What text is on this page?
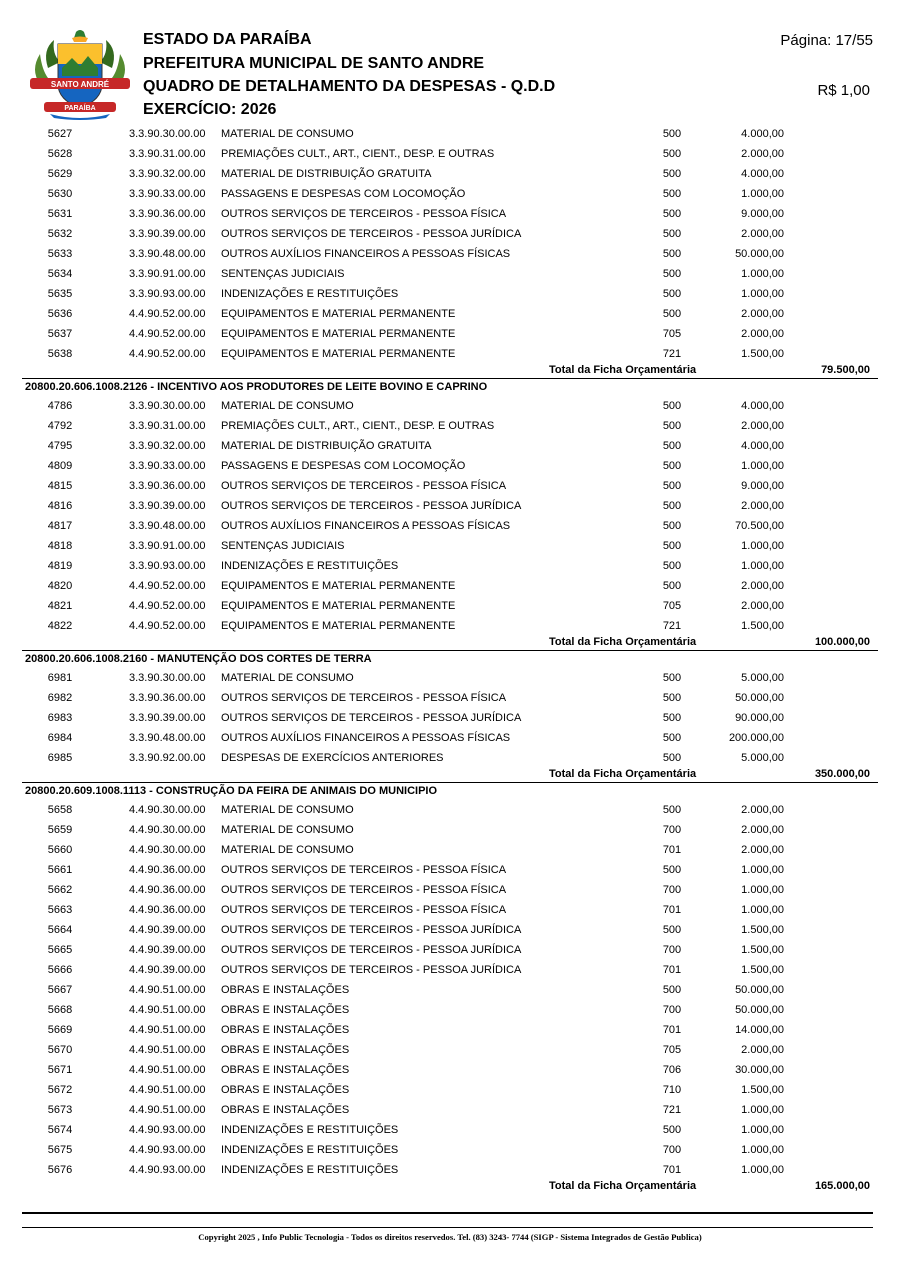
SANTO ANDRÉ
PARAÍBA
ESTADO DA PARAÍBA
PREFEITURA MUNICIPAL DE SANTO ANDRE
QUADRO DE DETALHAMENTO DA DESPESAS - Q.D.D
EXERCÍCIO: 2026
Página: 17/55
R$ 1,00
5627	3.3.90.30.00.00 MATERIAL DE CONSUMO	500	4.000,00
5628	3.3.90.31.00.00 PREMIAÇÕES CULT., ART., CIENT., DESP. E OUTRAS	500	2.000,00
5629	3.3.90.32.00.00 MATERIAL DE DISTRIBUIÇÃO GRATUITA	500	4.000,00
5630	3.3.90.33.00.00 PASSAGENS E DESPESAS COM LOCOMOÇÃO	500	1.000,00
5631	3.3.90.36.00.00 OUTROS SERVIÇOS DE TERCEIROS - PESSOA FÍSICA	500	9.000,00
5632	3.3.90.39.00.00 OUTROS SERVIÇOS DE TERCEIROS - PESSOA JURÍDICA	500	2.000,00
5633	3.3.90.48.00.00 OUTROS AUXÍLIOS FINANCEIROS A PESSOAS FÍSICAS	500	50.000,00
5634	3.3.90.91.00.00 SENTENÇAS JUDICIAIS	500	1.000,00
5635	3.3.90.93.00.00 INDENIZAÇÕES E RESTITUIÇÕES	500	1.000,00
5636	4.4.90.52.00.00 EQUIPAMENTOS E MATERIAL PERMANENTE	500	2.000,00
5637	4.4.90.52.00.00 EQUIPAMENTOS E MATERIAL PERMANENTE	705	2.000,00
5638	4.4.90.52.00.00 EQUIPAMENTOS E MATERIAL PERMANENTE	721	1.500,00
Total da Ficha Orçamentária	79.500,00
20800.20.606.1008.2126 - INCENTIVO AOS PRODUTORES DE LEITE BOVINO E CAPRINO
4786	3.3.90.30.00.00 MATERIAL DE CONSUMO	500	4.000,00
4792	3.3.90.31.00.00 PREMIAÇÕES CULT., ART., CIENT., DESP. E OUTRAS	500	2.000,00
4795	3.3.90.32.00.00 MATERIAL DE DISTRIBUIÇÃO GRATUITA	500	4.000,00
4809	3.3.90.33.00.00 PASSAGENS E DESPESAS COM LOCOMOÇÃO	500	1.000,00
4815	3.3.90.36.00.00 OUTROS SERVIÇOS DE TERCEIROS - PESSOA FÍSICA	500	9.000,00
4816	3.3.90.39.00.00 OUTROS SERVIÇOS DE TERCEIROS - PESSOA JURÍDICA	500	2.000,00
4817	3.3.90.48.00.00 OUTROS AUXÍLIOS FINANCEIROS A PESSOAS FÍSICAS	500	70.500,00
4818	3.3.90.91.00.00 SENTENÇAS JUDICIAIS	500	1.000,00
4819	3.3.90.93.00.00 INDENIZAÇÕES E RESTITUIÇÕES	500	1.000,00
4820	4.4.90.52.00.00 EQUIPAMENTOS E MATERIAL PERMANENTE	500	2.000,00
4821	4.4.90.52.00.00 EQUIPAMENTOS E MATERIAL PERMANENTE	705	2.000,00
4822	4.4.90.52.00.00 EQUIPAMENTOS E MATERIAL PERMANENTE	721	1.500,00
Total da Ficha Orçamentária	100.000,00
20800.20.606.1008.2160 - MANUTENÇÃO DOS CORTES DE TERRA
6981	3.3.90.30.00.00 MATERIAL DE CONSUMO	500	5.000,00
6982	3.3.90.36.00.00 OUTROS SERVIÇOS DE TERCEIROS - PESSOA FÍSICA	500	50.000,00
6983	3.3.90.39.00.00 OUTROS SERVIÇOS DE TERCEIROS - PESSOA JURÍDICA	500	90.000,00
6984	3.3.90.48.00.00 OUTROS AUXÍLIOS FINANCEIROS A PESSOAS FÍSICAS	500	200.000,00
6985	3.3.90.92.00.00 DESPESAS DE EXERCÍCIOS ANTERIORES	500	5.000,00
Total da Ficha Orçamentária	350.000,00
20800.20.609.1008.1113 - CONSTRUÇÃO DA FEIRA DE ANIMAIS DO MUNICIPIO
5658	4.4.90.30.00.00 MATERIAL DE CONSUMO	500	2.000,00
5659	4.4.90.30.00.00 MATERIAL DE CONSUMO	700	2.000,00
5660	4.4.90.30.00.00 MATERIAL DE CONSUMO	701	2.000,00
5661	4.4.90.36.00.00 OUTROS SERVIÇOS DE TERCEIROS - PESSOA FÍSICA	500	1.000,00
5662	4.4.90.36.00.00 OUTROS SERVIÇOS DE TERCEIROS - PESSOA FÍSICA	700	1.000,00
5663	4.4.90.36.00.00 OUTROS SERVIÇOS DE TERCEIROS - PESSOA FÍSICA	701	1.000,00
5664	4.4.90.39.00.00 OUTROS SERVIÇOS DE TERCEIROS - PESSOA JURÍDICA	500	1.500,00
5665	4.4.90.39.00.00 OUTROS SERVIÇOS DE TERCEIROS - PESSOA JURÍDICA	700	1.500,00
5666	4.4.90.39.00.00 OUTROS SERVIÇOS DE TERCEIROS - PESSOA JURÍDICA	701	1.500,00
5667	4.4.90.51.00.00 OBRAS E INSTALAÇÕES	500	50.000,00
5668	4.4.90.51.00.00 OBRAS E INSTALAÇÕES	700	50.000,00
5669	4.4.90.51.00.00 OBRAS E INSTALAÇÕES	701	14.000,00
5670	4.4.90.51.00.00 OBRAS E INSTALAÇÕES	705	2.000,00
5671	4.4.90.51.00.00 OBRAS E INSTALAÇÕES	706	30.000,00
5672	4.4.90.51.00.00 OBRAS E INSTALAÇÕES	710	1.500,00
5673	4.4.90.51.00.00 OBRAS E INSTALAÇÕES	721	1.000,00
5674	4.4.90.93.00.00 INDENIZAÇÕES E RESTITUIÇÕES	500	1.000,00
5675	4.4.90.93.00.00 INDENIZAÇÕES E RESTITUIÇÕES	700	1.000,00
5676	4.4.90.93.00.00 INDENIZAÇÕES E RESTITUIÇÕES	701	1.000,00
Total da Ficha Orçamentária	165.000,00
Copyright 2025 , Info Public Tecnologia - Todos os direitos reservedos. Tel. (83) 3243- 7744 (SIGP - Sistema Integrados de Gestão Publica)
